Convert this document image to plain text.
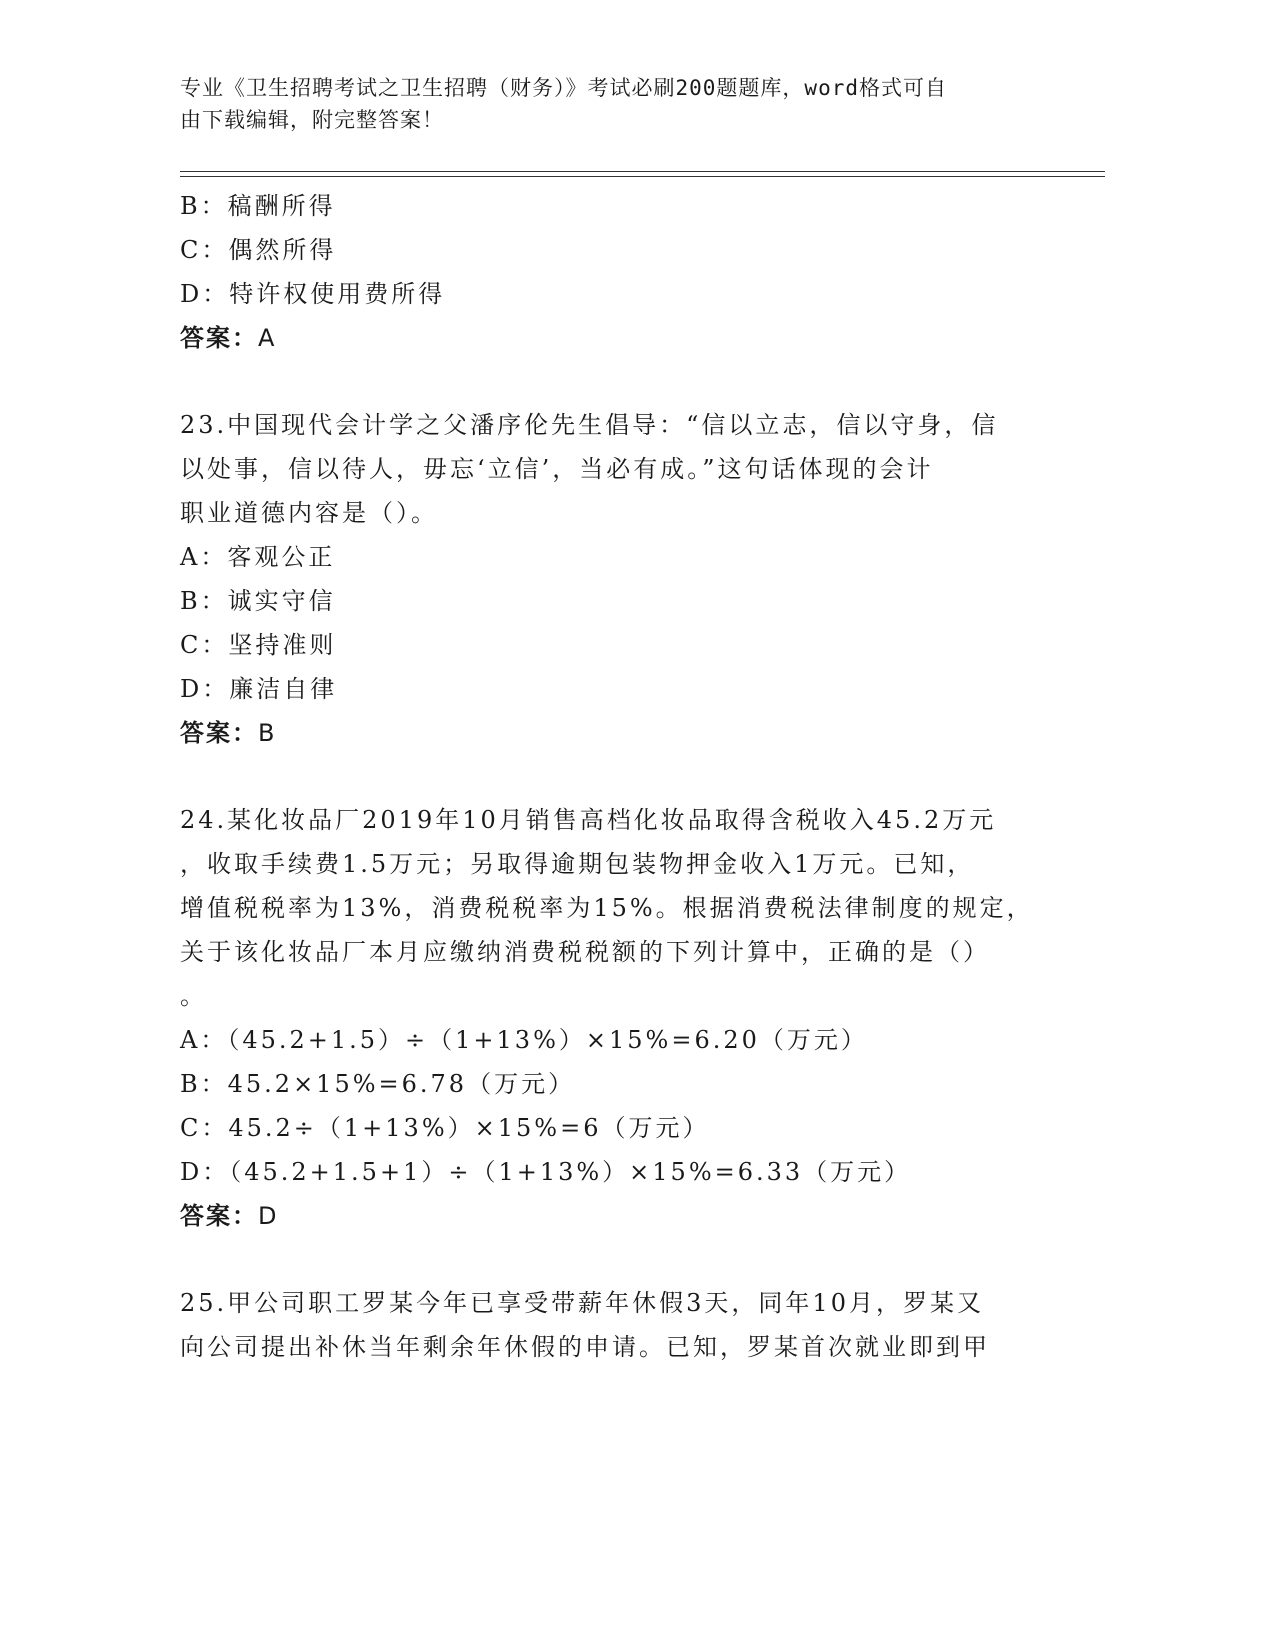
专业《卫生招聘考试之卫生招聘（财务）》考试必刷200题题库，word格式可自
由下载编辑，附完整答案！
B：稿酬所得
C：偶然所得
D：特许权使用费所得
答案：A
23.中国现代会计学之父潘序伦先生倡导：“信以立志，信以守身，信
以处事，信以待人，毋忘‘立信’，当必有成。”这句话体现的会计
职业道德内容是（）。
A：客观公正
B：诚实守信
C：坚持准则
D：廉洁自律
答案：B
24.某化妆品厂2019年10月销售高档化妆品取得含税收入45.2万元
，收取手续费1.5万元；另取得逾期包装物押金收入1万元。已知，
增值税税率为13%，消费税税率为15%。根据消费税法律制度的规定，
关于该化妆品厂本月应缴纳消费税税额的下列计算中，正确的是（）
。
A：（45.2+1.5）÷（1+13%）×15%=6.20（万元）
B：45.2×15%=6.78（万元）
C：45.2÷（1+13%）×15%=6（万元）
D：（45.2+1.5+1）÷（1+13%）×15%=6.33（万元）
答案：D
25.甲公司职工罗某今年已享受带薪年休假3天，同年10月，罗某又
向公司提出补休当年剩余年休假的申请。已知，罗某首次就业即到甲
